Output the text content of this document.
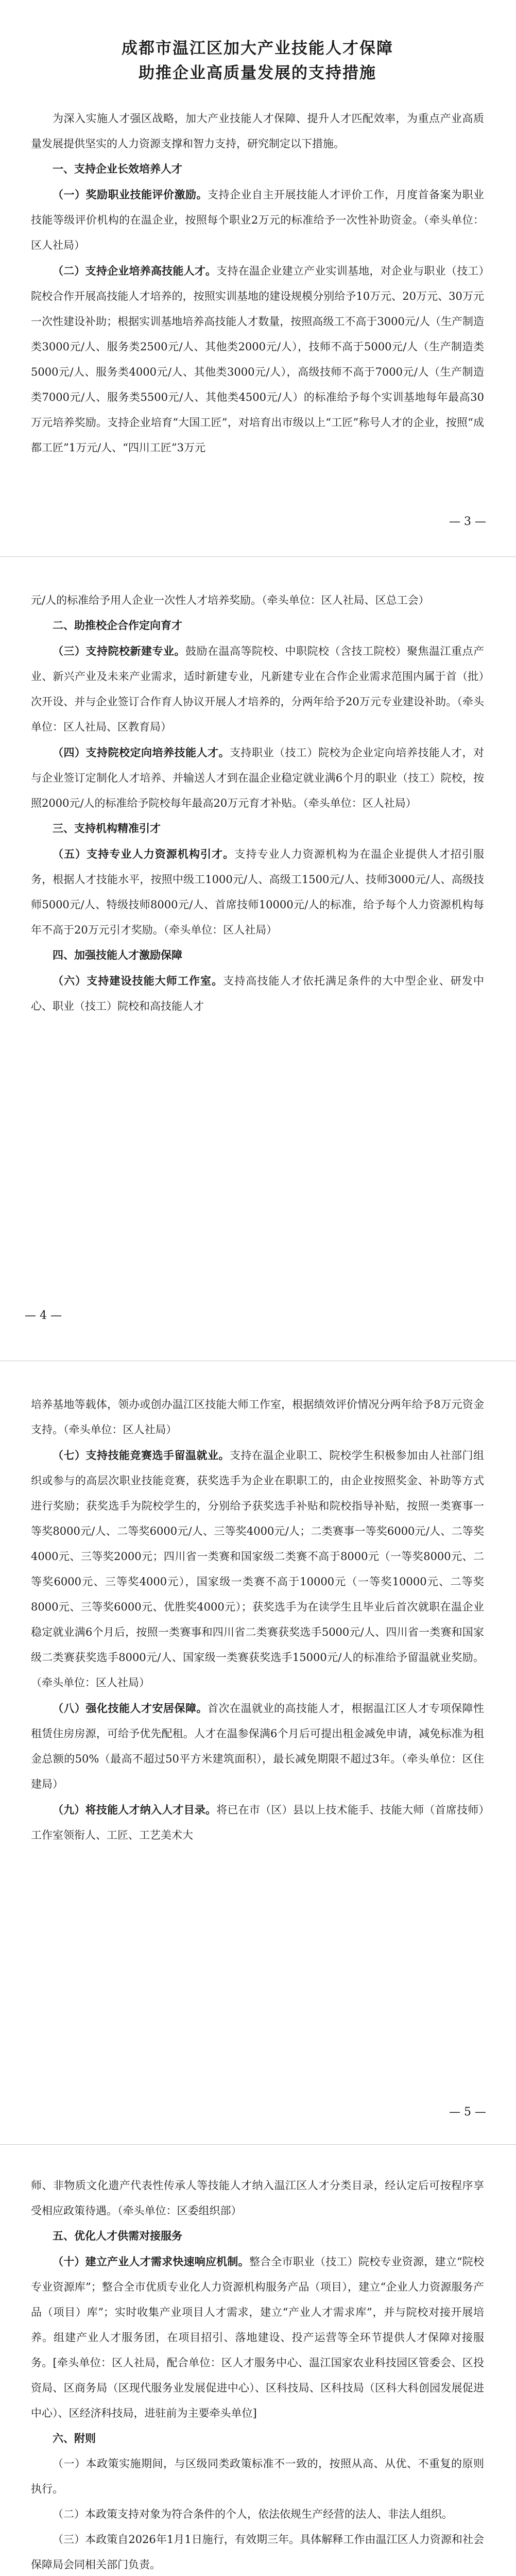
成都市温江区加大产业技能人才保障
助推企业高质量发展的支持措施

为深入实施人才强区战略，加大产业技能人才保障、提升人才匹配效率，为重点产业高质量发展提供坚实的人力资源支撑和智力支持，研究制定以下措施。

一、支持企业长效培养人才

（一）奖励职业技能评价激励。支持企业自主开展技能人才评价工作，月度首备案为职业技能等级评价机构的在温企业，按照每个职业2万元的标准给予一次性补助资金。（牵头单位：区人社局）

（二）支持企业培养高技能人才。支持在温企业建立产业实训基地，对企业与职业（技工）院校合作开展高技能人才培养的，按照实训基地的建设规模分别给予10万元、20万元、30万元一次性建设补助；根据实训基地培养高技能人才数量，按照高级工不高于3000元/人（生产制造类3000元/人、服务类2500元/人、其他类2000元/人），技师不高于5000元/人（生产制造类5000元/人、服务类4000元/人、其他类3000元/人），高级技师不高于7000元/人（生产制造类7000元/人、服务类5500元/人、其他类4500元/人）的标准给予每个实训基地每年最高30万元培养奖励。支持企业培育“大国工匠”，对培育出市级以上“工匠”称号人才的企业，按照“成都工匠”1万元/人、“四川工匠”3万元

— 3 —

元/人的标准给予用人企业一次性人才培养奖励。（牵头单位：区人社局、区总工会）

二、助推校企合作定向育才

（三）支持院校新建专业。鼓励在温高等院校、中职院校（含技工院校）聚焦温江重点产业、新兴产业及未来产业需求，适时新建专业，凡新建专业在合作企业需求范围内属于首（批）次开设、并与企业签订合作育人协议开展人才培养的，分两年给予20万元专业建设补助。（牵头单位：区人社局、区教育局）

（四）支持院校定向培养技能人才。支持职业（技工）院校为企业定向培养技能人才，对与企业签订定制化人才培养、并输送人才到在温企业稳定就业满6个月的职业（技工）院校，按照2000元/人的标准给予院校每年最高20万元育才补贴。（牵头单位：区人社局）

三、支持机构精准引才

（五）支持专业人力资源机构引才。支持专业人力资源机构为在温企业提供人才招引服务，根据人才技能水平，按照中级工1000元/人、高级工1500元/人、技师3000元/人、高级技师5000元/人、特级技师8000元/人、首席技师10000元/人的标准，给予每个人力资源机构每年不高于20万元引才奖励。（牵头单位：区人社局）

四、加强技能人才激励保障

（六）支持建设技能大师工作室。支持高技能人才依托满足条件的大中型企业、研发中心、职业（技工）院校和高技能人才

— 4 —

培养基地等载体，领办或创办温江区技能大师工作室，根据绩效评价情况分两年给予8万元资金支持。（牵头单位：区人社局）

（七）支持技能竞赛选手留温就业。支持在温企业职工、院校学生积极参加由人社部门组织或参与的高层次职业技能竞赛，获奖选手为企业在职职工的，由企业按照奖金、补助等方式进行奖励；获奖选手为院校学生的，分别给予获奖选手补贴和院校指导补贴，按照一类赛事一等奖8000元/人、二等奖6000元/人、三等奖4000元/人；二类赛事一等奖6000元/人、二等奖4000元、三等奖2000元；四川省一类赛和国家级二类赛不高于8000元（一等奖8000元、二等奖6000元、三等奖4000元），国家级一类赛不高于10000元（一等奖10000元、二等奖8000元、三等奖6000元、优胜奖4000元）；获奖选手为在读学生且毕业后首次就职在温企业稳定就业满6个月后，按照一类赛事和四川省二类赛获奖选手5000元/人、四川省一类赛和国家级二类赛获奖选手8000元/人、国家级一类赛获奖选手15000元/人的标准给予留温就业奖励。（牵头单位：区人社局）

（八）强化技能人才安居保障。首次在温就业的高技能人才，根据温江区人才专项保障性租赁住房房源，可给予优先配租。人才在温参保满6个月后可提出租金减免申请，减免标准为租金总额的50%（最高不超过50平方米建筑面积），最长减免期限不超过3年。（牵头单位：区住建局）

（九）将技能人才纳入人才目录。将已在市（区）县以上技术能手、技能大师（首席技师）工作室领衔人、工匠、工艺美术大

— 5 —

师、非物质文化遗产代表性传承人等技能人才纳入温江区人才分类目录，经认定后可按程序享受相应政策待遇。（牵头单位：区委组织部）

五、优化人才供需对接服务

（十）建立产业人才需求快速响应机制。整合全市职业（技工）院校专业资源，建立“院校专业资源库”；整合全市优质专业化人力资源机构服务产品（项目），建立“企业人力资源服务产品（项目）库”；实时收集产业项目人才需求，建立“产业人才需求库”，并与院校对接开展培养。组建产业人才服务团，在项目招引、落地建设、投产运营等全环节提供人才保障对接服务。[牵头单位：区人社局，配合单位：区人才服务中心、温江国家农业科技园区管委会、区投资局、区商务局（区现代服务业发展促进中心）、区科技局、区科技局（区科大科创园发展促进中心）、区经济科技局，进驻前为主要牵头单位]

六、附则

（一）本政策实施期间，与区级同类政策标准不一致的，按照从高、从优、不重复的原则执行。

（二）本政策支持对象为符合条件的个人，依法依规生产经营的法人、非法人组织。

（三）本政策自2026年1月1日施行，有效期三年。具体解释工作由温江区人力资源和社会保障局会同相关部门负责。
